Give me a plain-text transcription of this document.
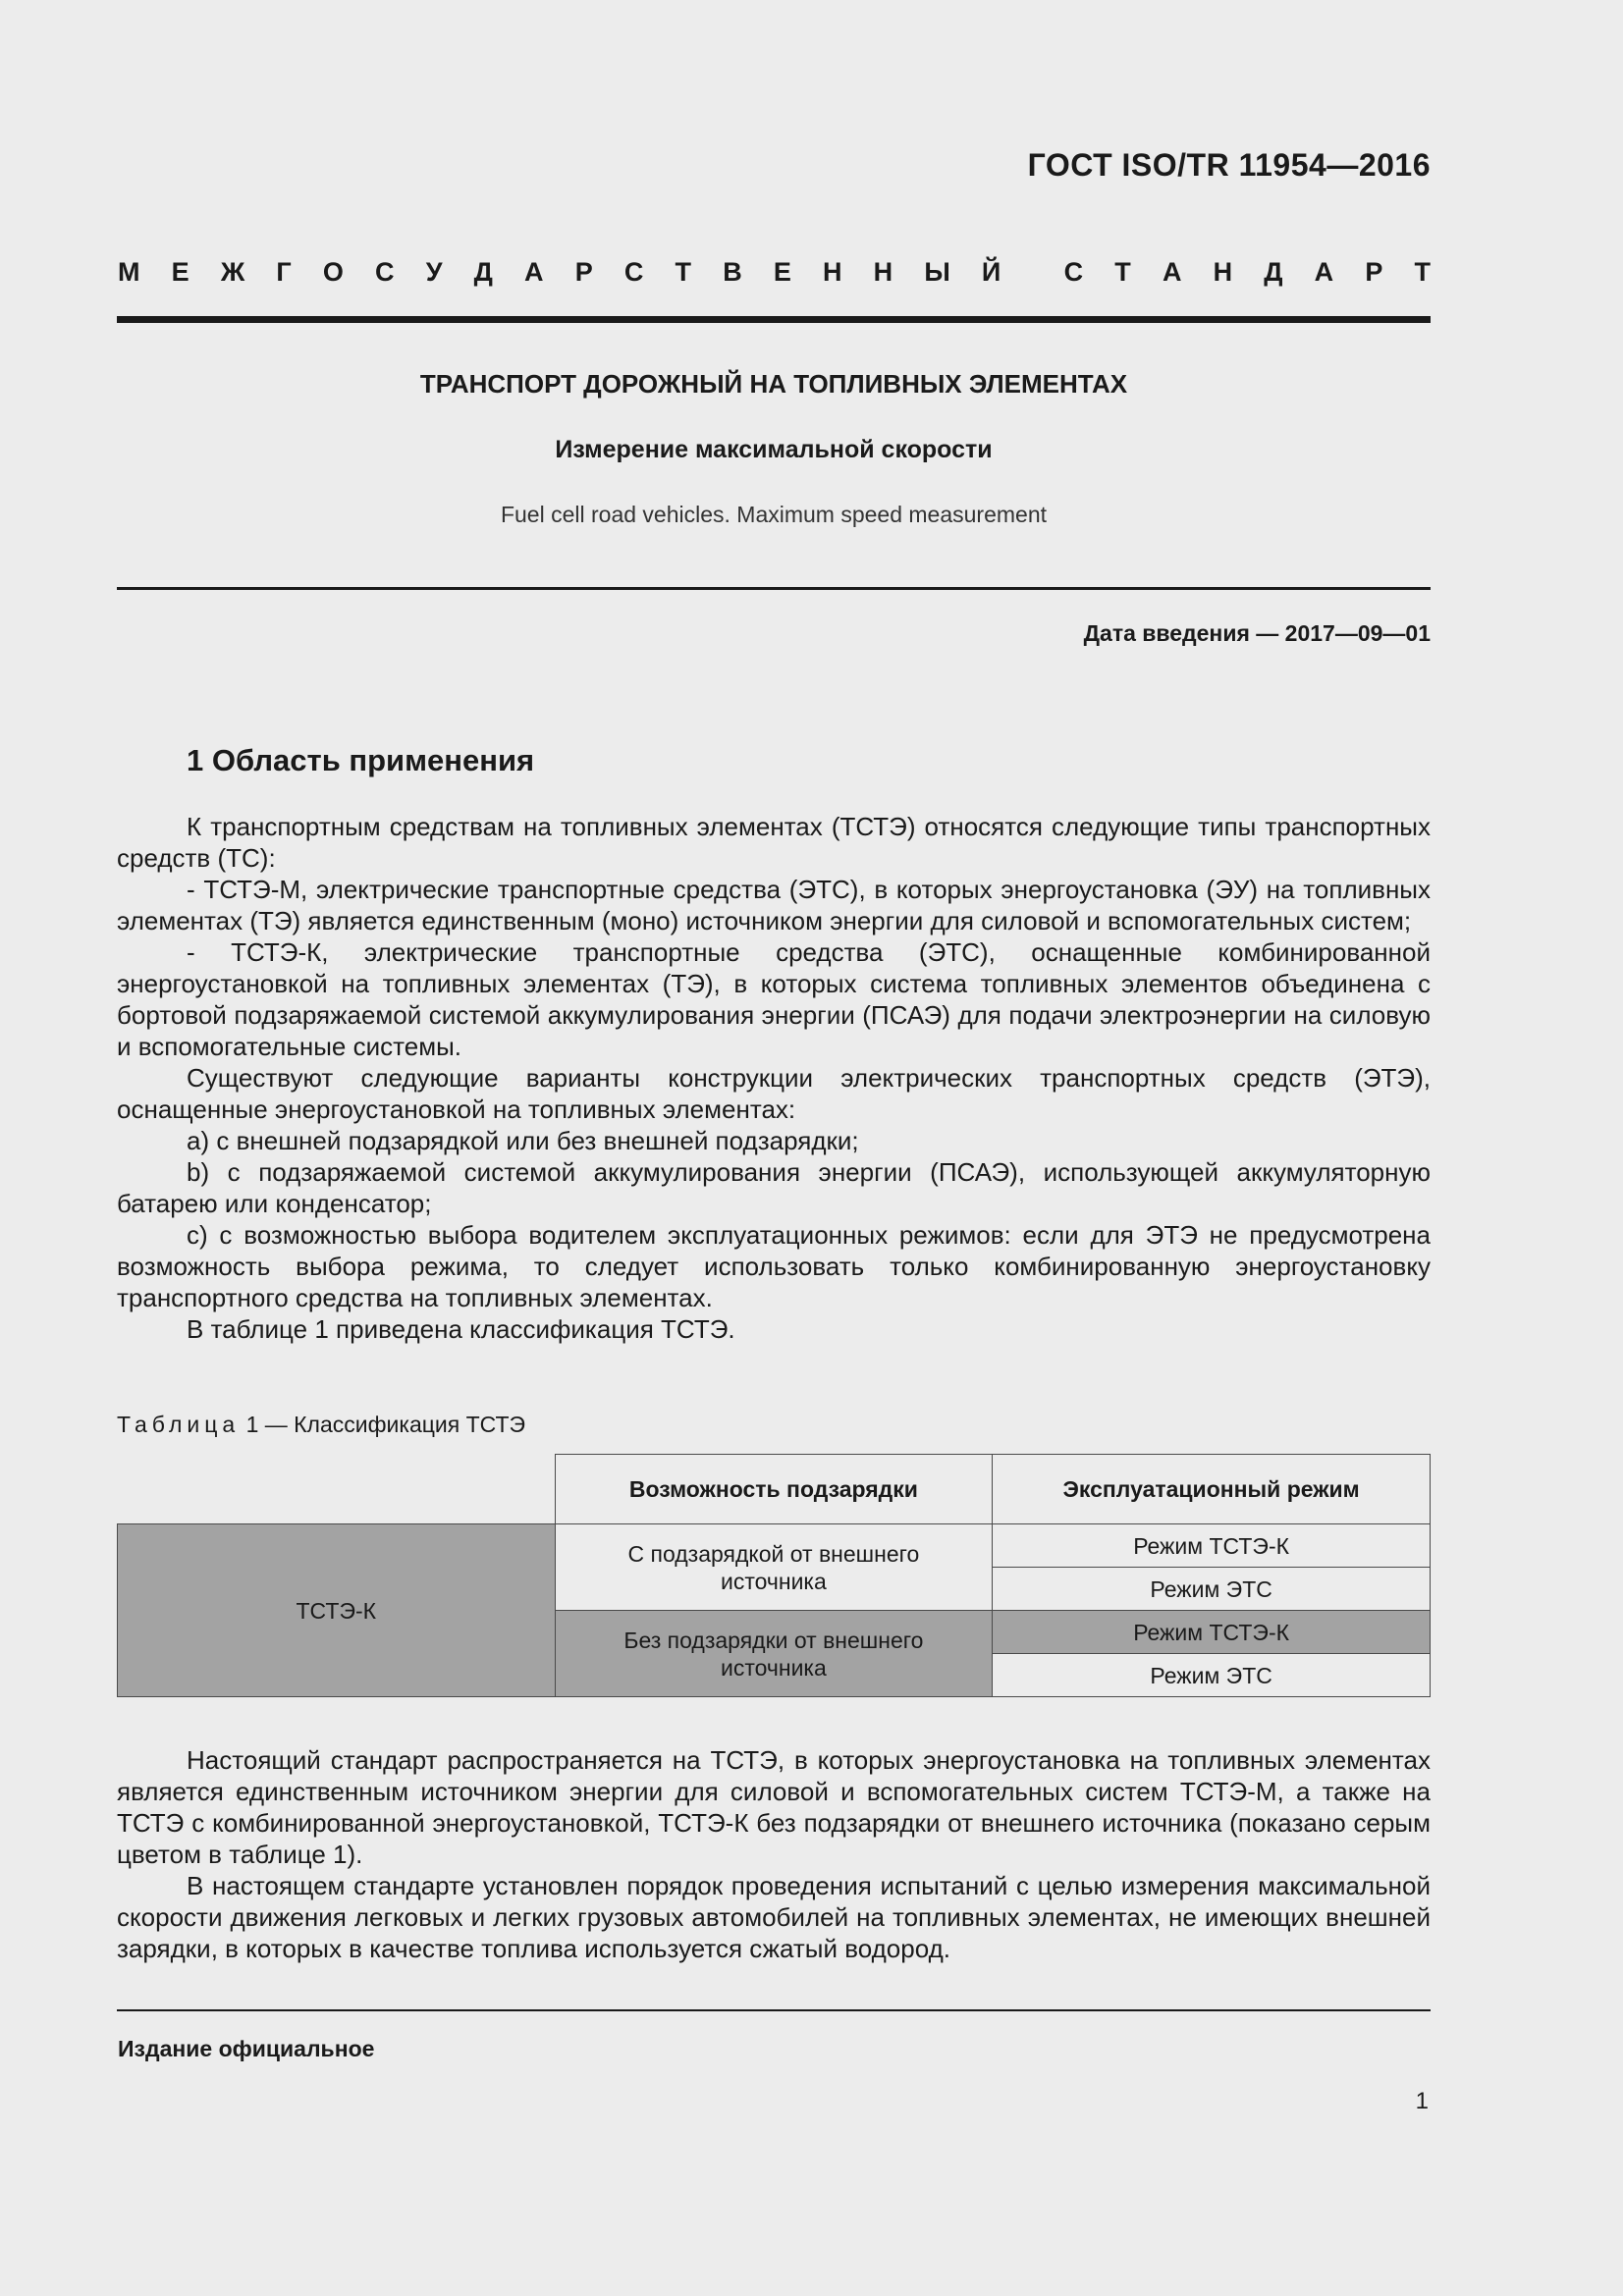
ГОСТ ISO/TR 11954—2016
М Е Ж Г О С У Д А Р С Т В Е Н Н Ы Й С Т А Н Д А Р Т
ТРАНСПОРТ ДОРОЖНЫЙ НА ТОПЛИВНЫХ ЭЛЕМЕНТАХ
Измерение максимальной скорости
Fuel cell road vehicles. Maximum speed measurement
Дата введения — 2017—09—01
1 Область применения

К транспортным средствам на топливных элементах (ТСТЭ) относятся следующие типы транспортных средств (ТС):

- ТСТЭ-М, электрические транспортные средства (ЭТС), в которых энергоустановка (ЭУ) на топливных элементах (ТЭ) является единственным (моно) источником энергии для силовой и вспомогательных систем;

- ТСТЭ-К, электрические транспортные средства (ЭТС), оснащенные комбинированной энергоустановкой на топливных элементах (ТЭ), в которых система топливных элементов объединена с бортовой подзаряжаемой системой аккумулирования энергии (ПСАЭ) для подачи электроэнергии на силовую и вспомогательные системы.

Существуют следующие варианты конструкции электрических транспортных средств (ЭТЭ), оснащенные энергоустановкой на топливных элементах:

a) с внешней подзарядкой или без внешней подзарядки;

b) с подзаряжаемой системой аккумулирования энергии (ПСАЭ), использующей аккумуляторную батарею или конденсатор;

c) с возможностью выбора водителем эксплуатационных режимов: если для ЭТЭ не предусмотрена возможность выбора режима, то следует использовать только комбинированную энергоустановку транспортного средства на топливных элементах.

В таблице 1 приведена классификация ТСТЭ.

Таблица 1 — Классификация ТСТЭ
	Возможность подзарядки	Эксплуатационный режим
ТСТЭ-К	С подзарядкой от внешнего источника	Режим ТСТЭ-К
		Режим ЭТС
	Без подзарядки от внешнего источника	Режим ТСТЭ-К
		Режим ЭТС

Настоящий стандарт распространяется на ТСТЭ, в которых энергоустановка на топливных элементах является единственным источником энергии для силовой и вспомогательных систем ТСТЭ-М, а также на ТСТЭ с комбинированной энергоустановкой, ТСТЭ-К без подзарядки от внешнего источника (показано серым цветом в таблице 1).

В настоящем стандарте установлен порядок проведения испытаний с целью измерения максимальной скорости движения легковых и легких грузовых автомобилей на топливных элементах, не имеющих внешней зарядки, в которых в качестве топлива используется сжатый водород.

Издание официальное
1
